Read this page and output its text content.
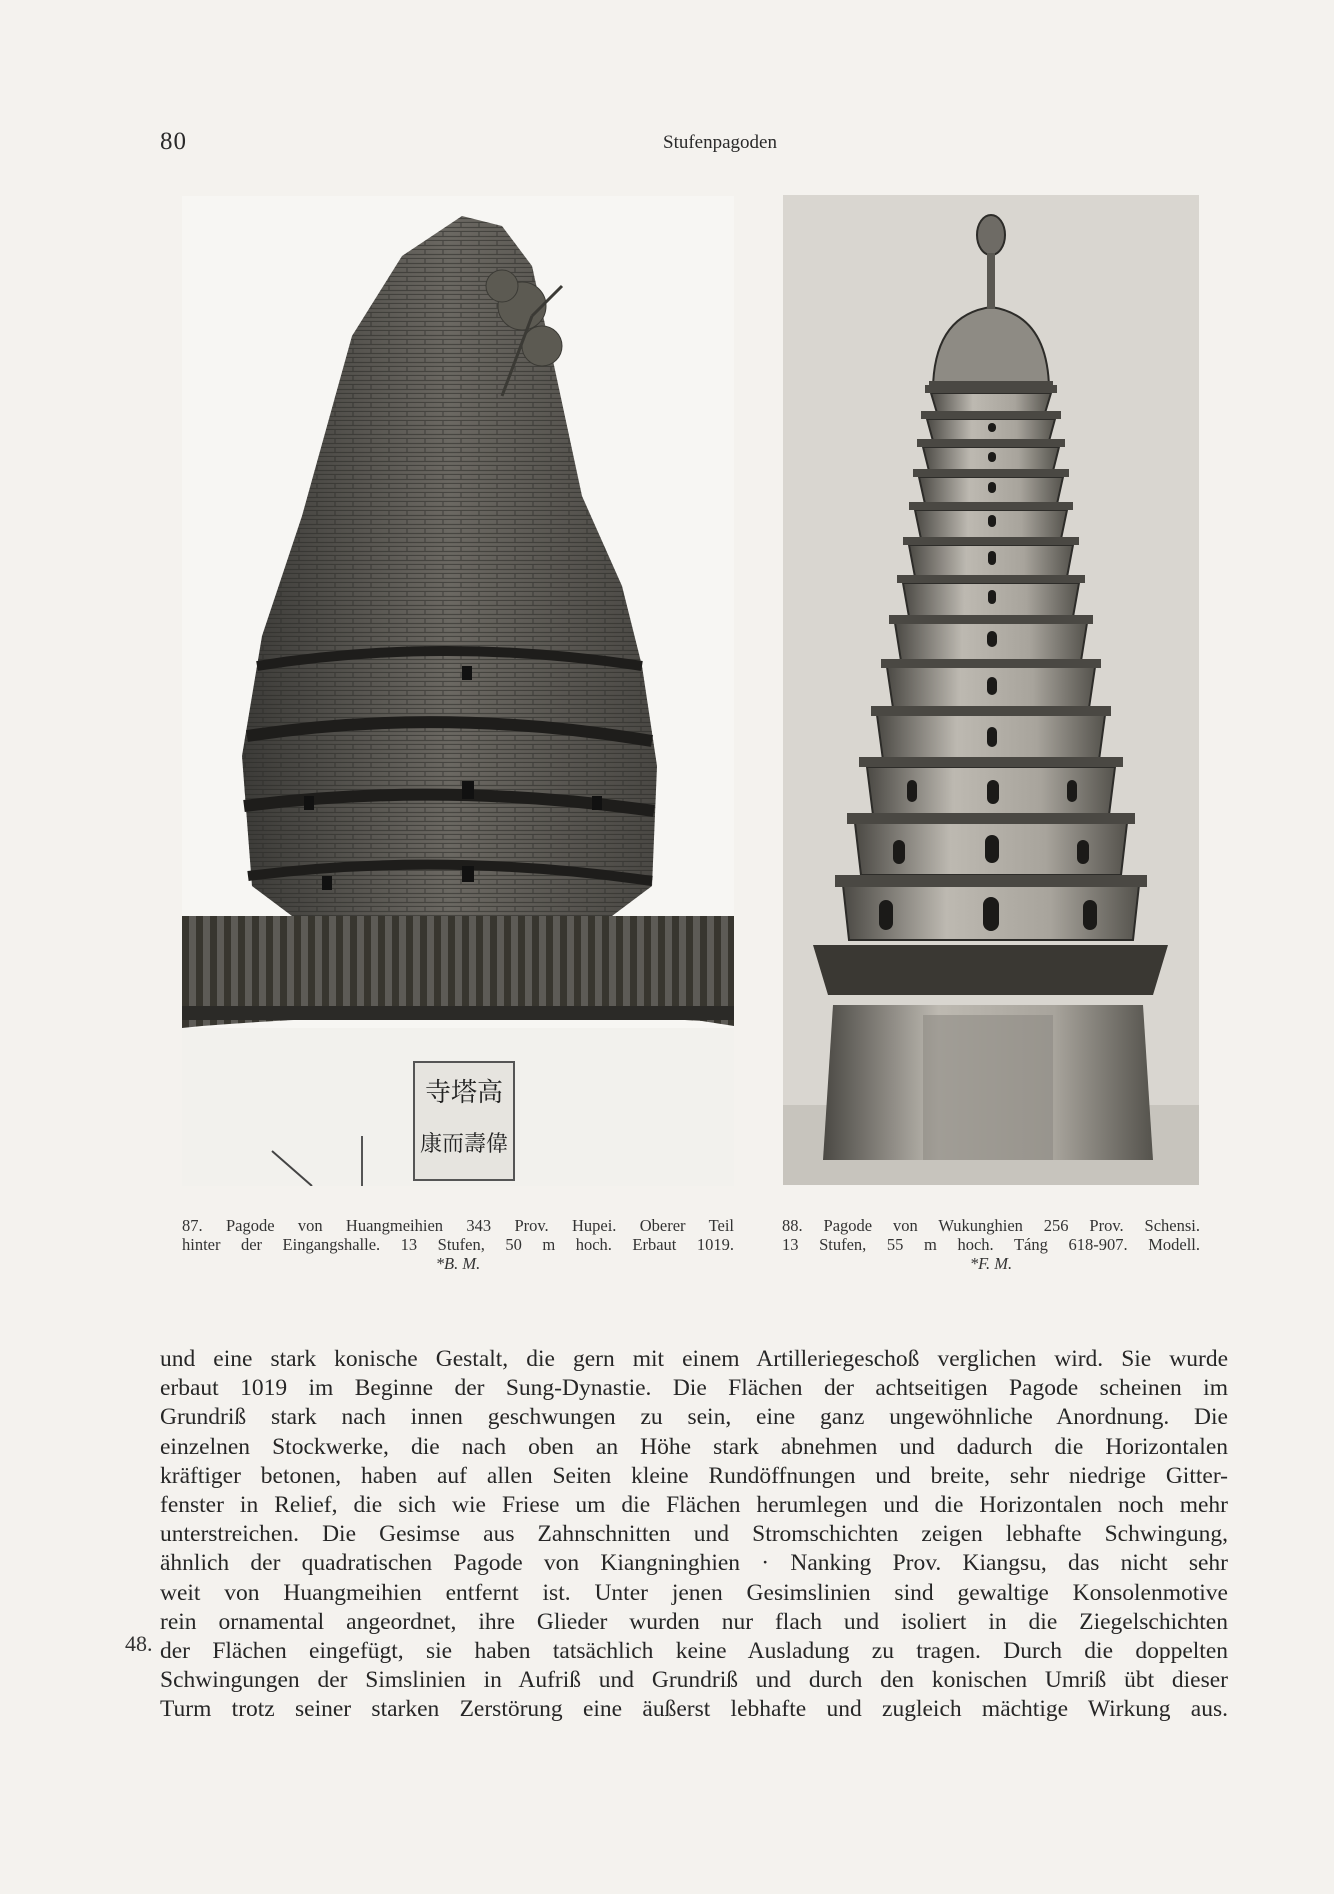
80	Stufenpagoden
寺塔高
康而壽偉
87. Pagode von Huangmeihien 343 Prov. Hupei. Oberer Teil
hinter der Eingangshalle. 13 Stufen, 50 m hoch. Erbaut 1019.
*B. M.
88. Pagode von Wukunghien 256 Prov. Schensi.
13 Stufen, 55 m hoch. Táng 618-907. Modell.
*F. M.
48.
und eine stark konische Gestalt, die gern mit einem Artilleriegeschoß verglichen wird. Sie wurde
erbaut 1019 im Beginne der Sung-Dynastie. Die Flächen der achtseitigen Pagode scheinen im
Grundriß stark nach innen geschwungen zu sein, eine ganz ungewöhnliche Anordnung. Die
einzelnen Stockwerke, die nach oben an Höhe stark abnehmen und dadurch die Horizontalen
kräftiger betonen, haben auf allen Seiten kleine Rundöffnungen und breite, sehr niedrige Gitter-
fenster in Relief, die sich wie Friese um die Flächen herumlegen und die Horizontalen noch mehr
unterstreichen. Die Gesimse aus Zahnschnitten und Stromschichten zeigen lebhafte Schwingung,
ähnlich der quadratischen Pagode von Kiangninghien · Nanking Prov. Kiangsu, das nicht sehr
weit von Huangmeihien entfernt ist. Unter jenen Gesimslinien sind gewaltige Konsolenmotive
rein ornamental angeordnet, ihre Glieder wurden nur flach und isoliert in die Ziegelschichten
der Flächen eingefügt, sie haben tatsächlich keine Ausladung zu tragen. Durch die doppelten
Schwingungen der Simslinien in Aufriß und Grundriß und durch den konischen Umriß übt dieser
Turm trotz seiner starken Zerstörung eine äußerst lebhafte und zugleich mächtige Wirkung aus.
